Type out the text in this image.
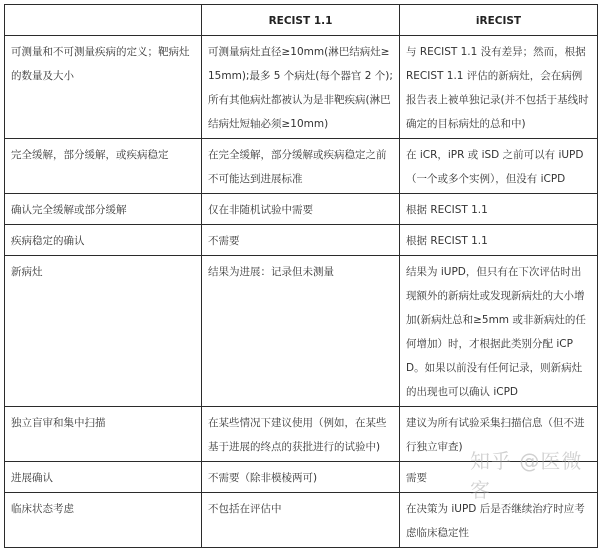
	RECIST 1.1	iRECIST
可测量和不可测量疾病的定义；靶病灶的数量及大小	可测量病灶直径≥10mm(淋巴结病灶≥15mm);最多 5 个病灶(每个器官 2 个);所有其他病灶都被认为是非靶疾病(淋巴结病灶短轴必须≥10mm)	与 RECIST 1.1 没有差异；然而，根据 RECIST 1.1 评估的新病灶，会在病例报告表上被单独记录(并不包括于基线时确定的目标病灶的总和中)
完全缓解，部分缓解，或疾病稳定	在完全缓解，部分缓解或疾病稳定之前不可能达到进展标准	在 iCR，iPR 或 iSD 之前可以有 iUPD （一个或多个实例），但没有 iCPD
确认完全缓解或部分缓解	仅在非随机试验中需要	根据 RECIST 1.1
疾病稳定的确认	不需要	根据 RECIST 1.1
新病灶	结果为进展：记录但未测量	结果为 iUPD，但只有在下次评估时出现额外的新病灶或发现新病灶的大小增加(新病灶总和≥5mm 或非新病灶的任何增加）时，才根据此类别分配 iCPD。如果以前没有任何记录，则新病灶的出现也可以确认 iCPD
独立盲审和集中扫描	在某些情况下建议使用（例如，在某些基于进展的终点的获批进行的试验中)	建议为所有试验采集扫描信息（但不进行独立审查)
进展确认	不需要（除非模棱两可)	需要
临床状态考虑	不包括在评估中	在决策为 iUPD 后是否继续治疗时应考虑临床稳定性
知乎 @医微客
